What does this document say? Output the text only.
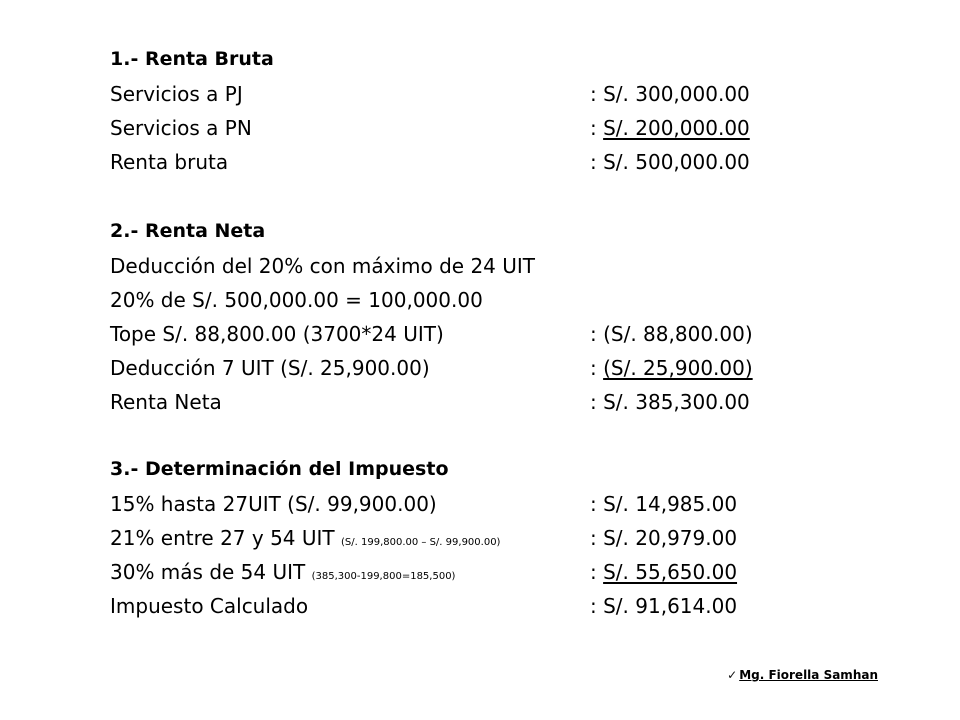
1.- Renta Bruta
Servicios a PJ	: S/. 300,000.00
Servicios a PN	: S/. 200,000.00
Renta bruta	: S/. 500,000.00
2.- Renta Neta
Deducción del 20% con máximo de 24 UIT
20% de S/. 500,000.00 = 100,000.00
Tope S/. 88,800.00 (3700*24 UIT)	: (S/. 88,800.00)
Deducción 7 UIT (S/. 25,900.00)	: (S/. 25,900.00)
Renta Neta	: S/. 385,300.00
3.- Determinación del Impuesto
15% hasta 27UIT (S/. 99,900.00)	: S/. 14,985.00
21% entre 27 y 54 UIT (S/. 199,800.00 – S/. 99,900.00)	: S/. 20,979.00
30% más de 54 UIT (385,300-199,800=185,500)	: S/. 55,650.00
Impuesto Calculado	: S/. 91,614.00
✓ Mg. Fiorella Samhan
